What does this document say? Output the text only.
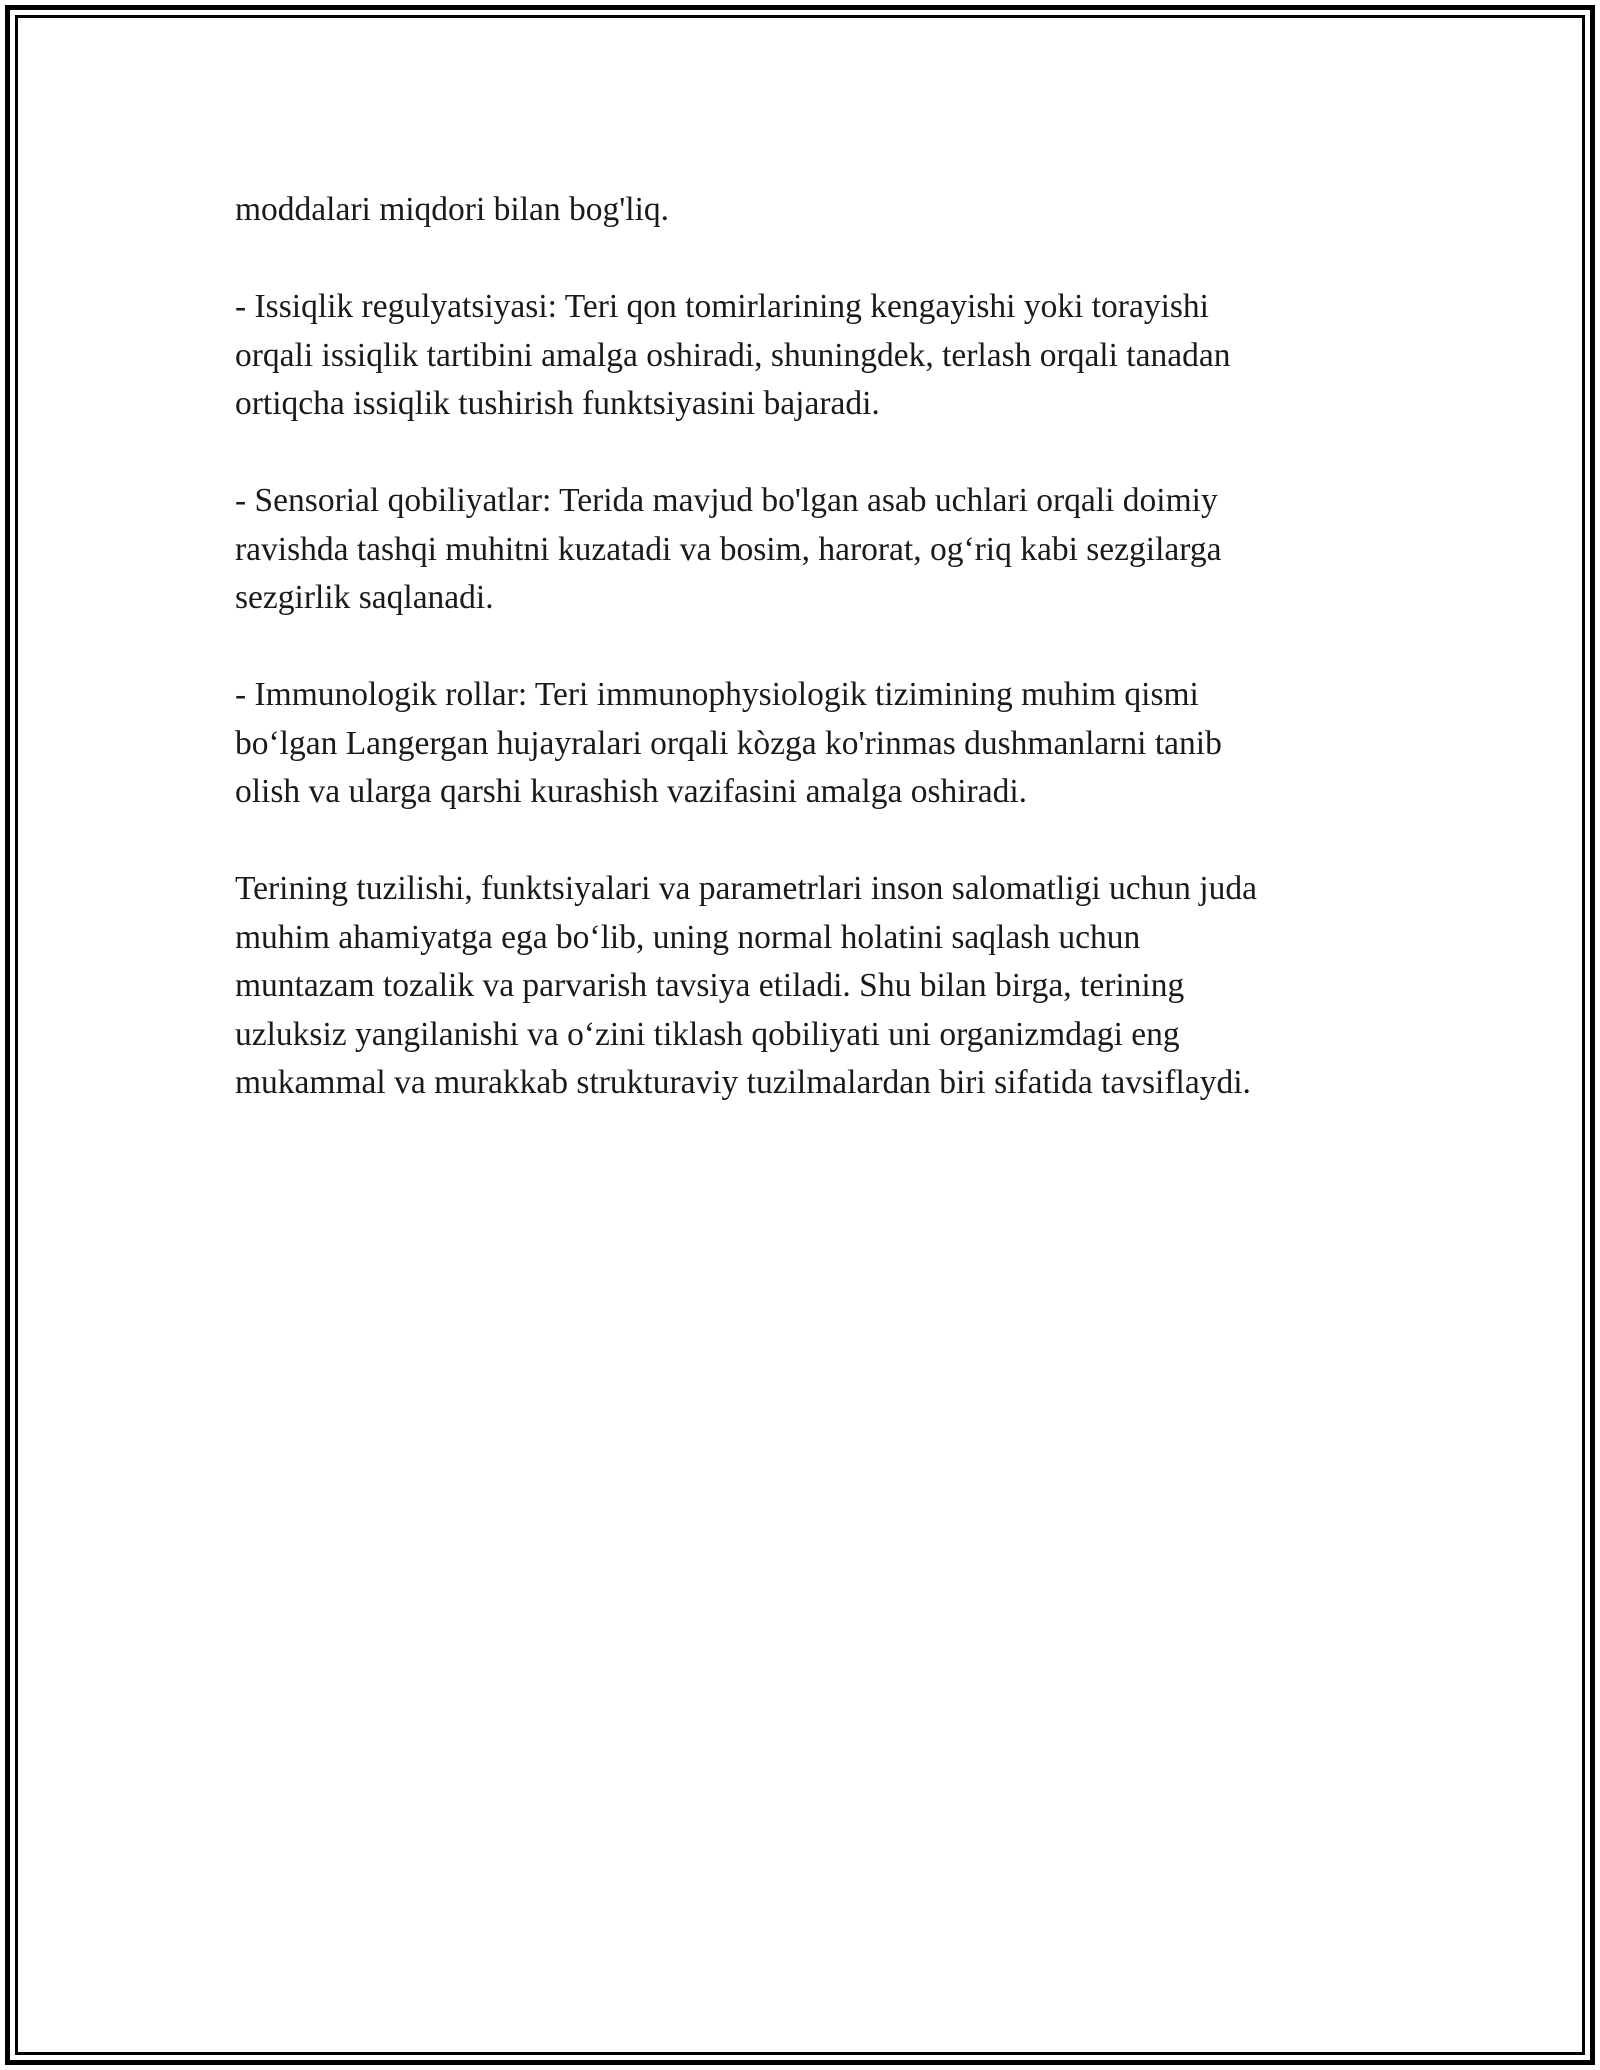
moddalari miqdori bilan bog'liq.

- Issiqlik regulyatsiyasi: Teri qon tomirlarining kengayishi yoki torayishi
orqali issiqlik tartibini amalga oshiradi, shuningdek, terlash orqali tanadan
ortiqcha issiqlik tushirish funktsiyasini bajaradi.

- Sensorial qobiliyatlar: Terida mavjud bo'lgan asab uchlari orqali doimiy
ravishda tashqi muhitni kuzatadi va bosim, harorat, og‘riq kabi sezgilarga
sezgirlik saqlanadi.

- Immunologik rollar: Teri immunophysiologik tizimining muhim qismi
bo‘lgan Langergan hujayralari orqali kòzga ko'rinmas dushmanlarni tanib
olish va ularga qarshi kurashish vazifasini amalga oshiradi.

Terining tuzilishi, funktsiyalari va parametrlari inson salomatligi uchun juda
muhim ahamiyatga ega bo‘lib, uning normal holatini saqlash uchun
muntazam tozalik va parvarish tavsiya etiladi. Shu bilan birga, terining
uzluksiz yangilanishi va o‘zini tiklash qobiliyati uni organizmdagi eng
mukammal va murakkab strukturaviy tuzilmalardan biri sifatida tavsiflaydi.
